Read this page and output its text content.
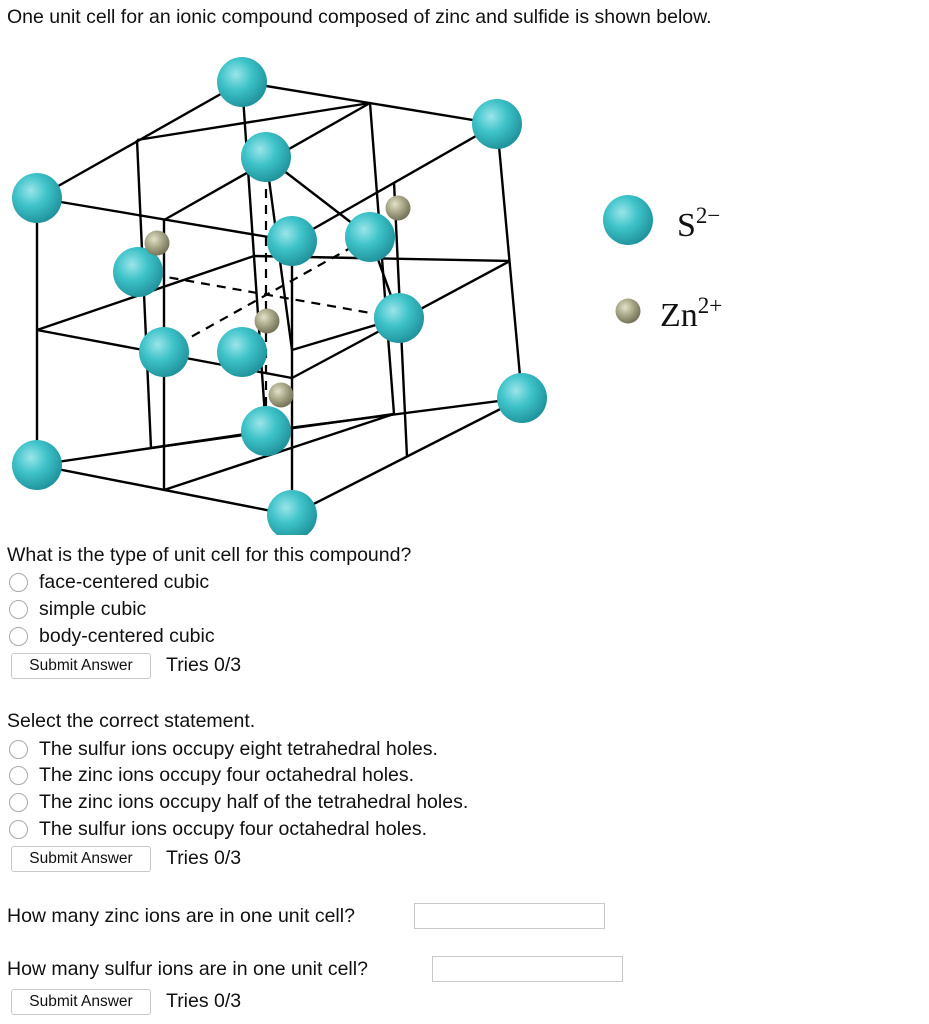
One unit cell for an ionic compound composed of zinc and sulfide is shown below.
$S^{2-}$
$Zn^{2+}$
What is the type of unit cell for this compound?
face-centered cubic
simple cubic
body-centered cubic
Submit Answer	Tries 0/3
Select the correct statement.
The sulfur ions occupy eight tetrahedral holes.
The zinc ions occupy four octahedral holes.
The zinc ions occupy half of the tetrahedral holes.
The sulfur ions occupy four octahedral holes.
Submit Answer	Tries 0/3
How many zinc ions are in one unit cell?
How many sulfur ions are in one unit cell?
Submit Answer	Tries 0/3
